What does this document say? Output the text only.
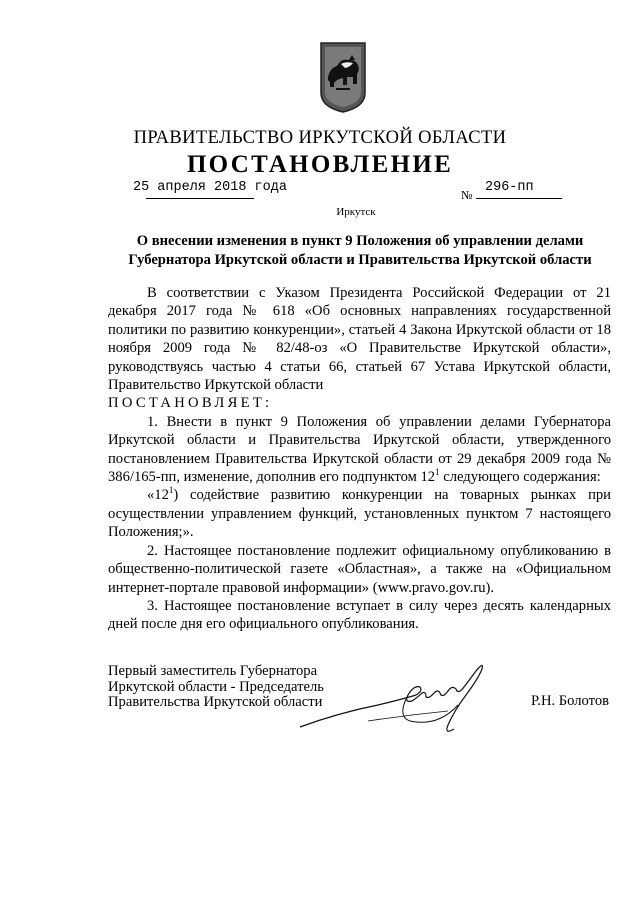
ПРАВИТЕЛЬСТВО ИРКУТСКОЙ ОБЛАСТИ
ПОСТАНОВЛЕНИЕ
25 апреля 2018 года	№ 296-пп
Иркутск
О внесении изменения в пункт 9 Положения об управлении делами
Губернатора Иркутской области и Правительства Иркутской области

В соответствии с Указом Президента Российской Федерации от 21 декабря 2017 года № 618 «Об основных направлениях государственной политики по развитию конкуренции», статьей 4 Закона Иркутской области от 18 ноября 2009 года № 82/48-оз «О Правительстве Иркутской области», руководствуясь частью 4 статьи 66, статьей 67 Устава Иркутской области, Правительство Иркутской области

ПОСТАНОВЛЯЕТ:

1. Внести в пункт 9 Положения об управлении делами Губернатора Иркутской области и Правительства Иркутской области, утвержденного постановлением Правительства Иркутской области от 29 декабря 2009 года № 386/165-пп, изменение, дополнив его подпунктом $12^1$ следующего содержания:

«$12^1$) содействие развитию конкуренции на товарных рынках при осуществлении управлением функций, установленных пунктом 7 настоящего Положения;».

2. Настоящее постановление подлежит официальному опубликованию в общественно-политической газете «Областная», а также на «Официальном интернет-портале правовой информации» (www.pravo.gov.ru).

3. Настоящее постановление вступает в силу через десять календарных дней после дня его официального опубликования.

Первый заместитель Губернатора
Иркутской области - Председатель
Правительства Иркутской области	Р.Н. Болотов
